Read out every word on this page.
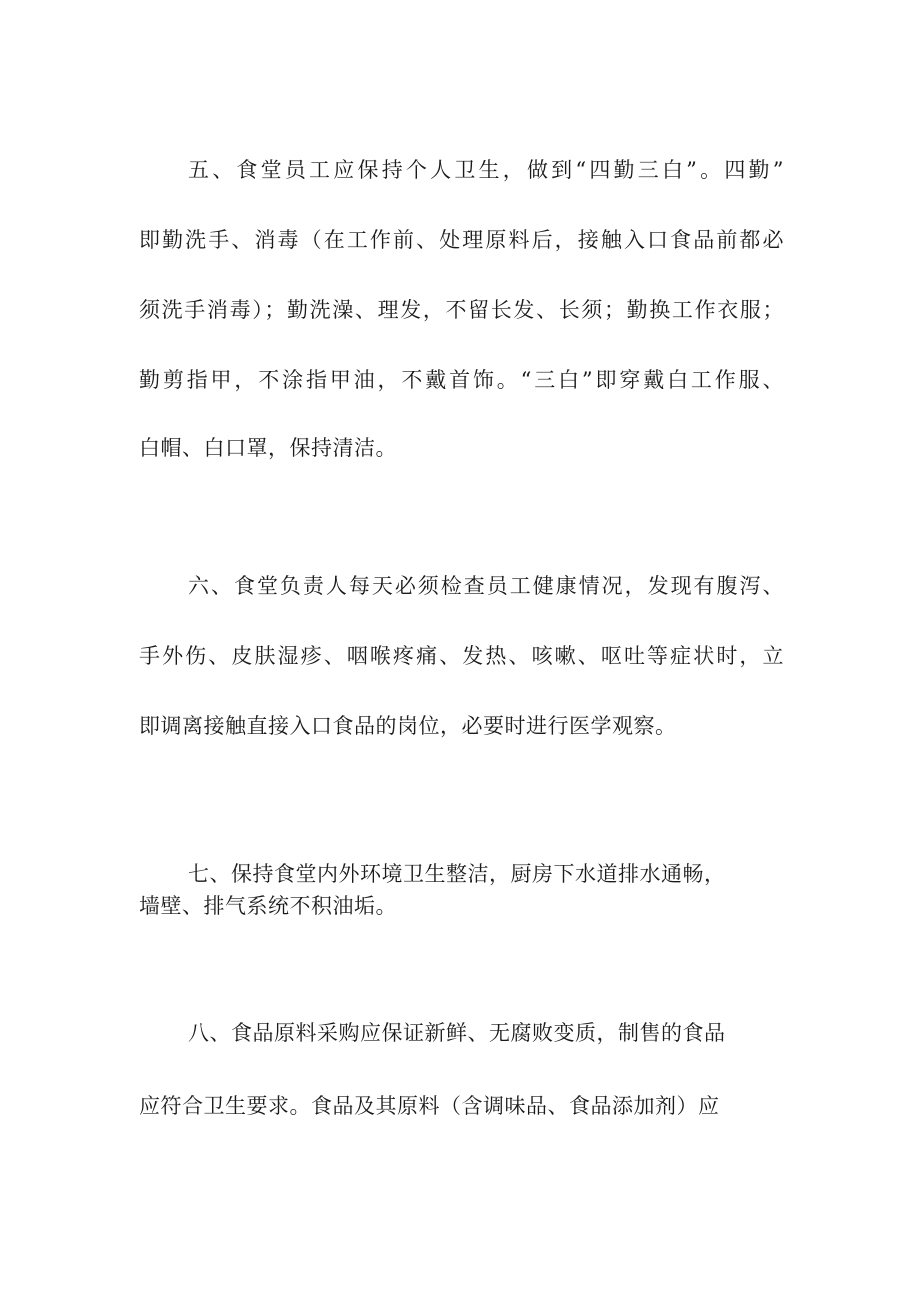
五、食堂员工应保持个人卫生，做到“四勤三白”。四勤”

即勤洗手、消毒（在工作前、处理原料后，接触入口食品前都必

须洗手消毒）；勤洗澡、理发，不留长发、长须；勤换工作衣服；

勤剪指甲，不涂指甲油，不戴首饰。“三白”即穿戴白工作服、

白帽、白口罩，保持清洁。

六、食堂负责人每天必须检查员工健康情况，发现有腹泻、

手外伤、皮肤湿疹、咽喉疼痛、发热、咳嗽、呕吐等症状时，立

即调离接触直接入口食品的岗位，必要时进行医学观察。

七、保持食堂内外环境卫生整洁，厨房下水道排水通畅，

墙壁、排气系统不积油垢。

八、食品原料采购应保证新鲜、无腐败变质，制售的食品

应符合卫生要求。食品及其原料（含调味品、食品添加剂）应
